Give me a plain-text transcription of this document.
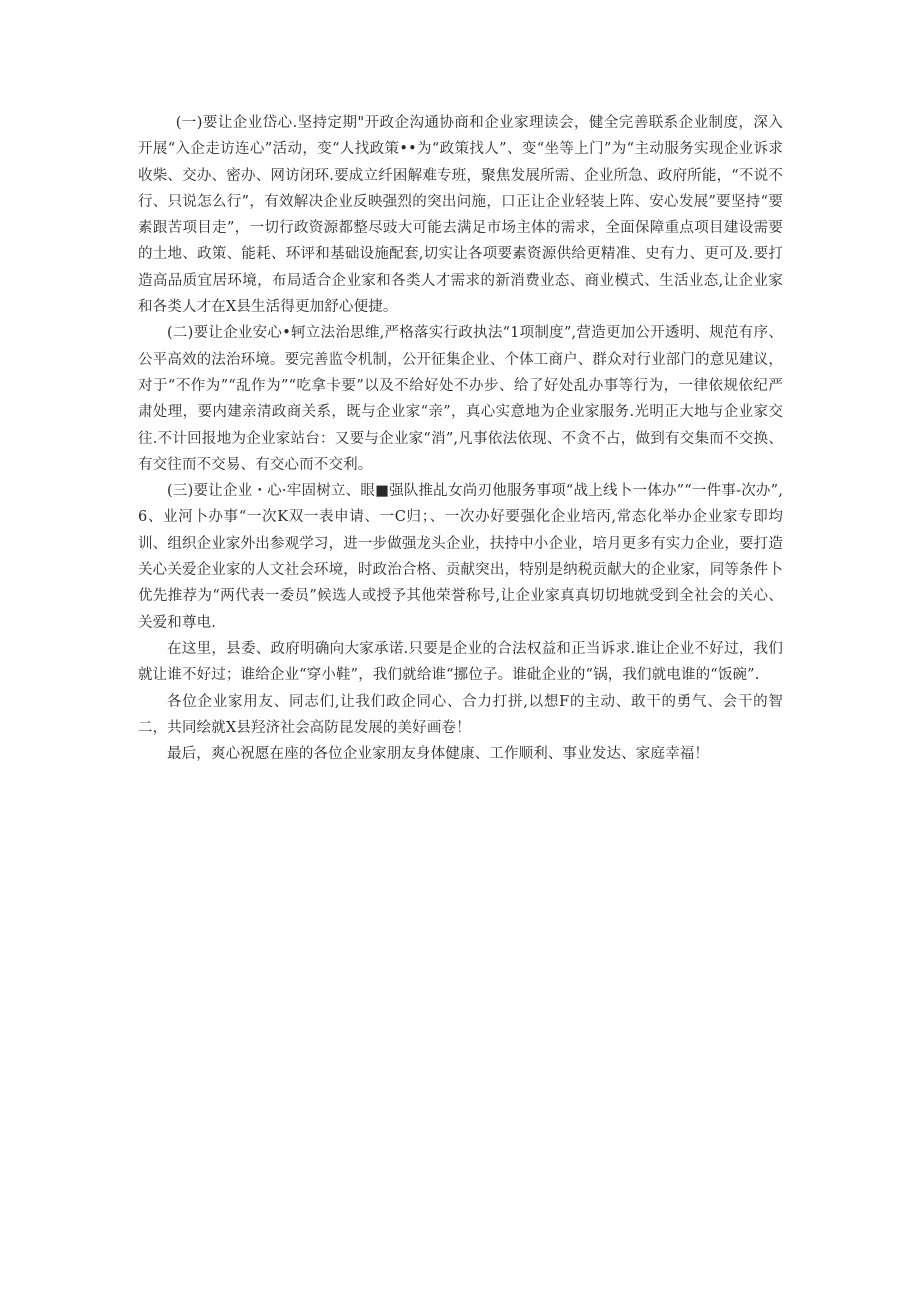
(一)要让企业岱心.坚持定期"开政企沟通协商和企业家理读会，健全完善联系企业制度，深入开展“入企走访连心”活动，变“人找政策••为“政策找人”、变“坐等上门”为“主动服务实现企业诉求收柴、交办、密办、网访闭环.要成立纤困解难专班，聚焦发展所需、企业所急、政府所能，“不说不行、只说怎么行”，有效解决企业反映强烈的突出问施，口正让企业轻装上阵、安心发展”要坚持“要素跟苦项目走”，一切行政资源都整尽豉大可能去满足市场主体的需求，全面保障重点项目建设需要的土地、政策、能耗、环评和基础设施配套,切实让各项要素资源供给更精准、史有力、更可及.要打造高品质宜居环境，布局适合企业家和各类人才需求的新消费业态、商业模式、生活业态,让企业家和各类人才在X县生活得更加舒心便捷。

(二)要让企业安心•轲立法治思维,严格落实行政执法“1项制度”,营造更加公开透明、规范有序、公平高效的法治环境。要完善监令机制，公开征集企业、个体工商户、群众对行业部门的意见建议，对于“不作为”“乱作为”“吃拿卡要”以及不给好处不办步、给了好处乱办事等行为，一律依规依纪严肃处理，要内建亲清政商关系，既与企业家“亲”，真心实意地为企业家服务.光明正大地与企业家交往.不计回报地为企业家站台：又要与企业家“消”,凡事依法依现、不贪不占，做到有交集而不交换、有交往而不交易、有交心而不交利。

(三)要让企业・心·牢固树立、眼■强队推乩女尚刃他服务事项“战上线卜一体办”“一件事-次办”,6、业河卜办事“一次K双一表申请、一C归；、一次办好要强化企业培丙,常态化举办企业家专即均训、组织企业家外出参观学习，进一步做强龙头企业，扶持中小企业，培月更多有实力企业，要打造关心关爱企业家的人文社会环境，时政治合格、贡献突出，特别是纳税贡献大的企业家，同等条件卜优先推荐为“两代表一委员”候选人或授予其他荣誉称号,让企业家真真切切地就受到全社会的关心、关爱和尊电.

在这里，县委、政府明确向大家承诺.只要是企业的合法权益和正当诉求.谁让企业不好过，我们就让谁不好过；谁给企业“穿小鞋”，我们就给谁“挪位子。谁砒企业的“锅，我们就电谁的“饭碗”.

各位企业家用友、同志们,让我们政企同心、合力打拼,以想F的主动、敢干的勇气、会干的智二，共同绘就X县羟济社会高防昆发展的美好画卷！

最后，爽心祝愿在座的各位企业家朋友身体健康、工作顺利、事业发达、家庭幸福！
